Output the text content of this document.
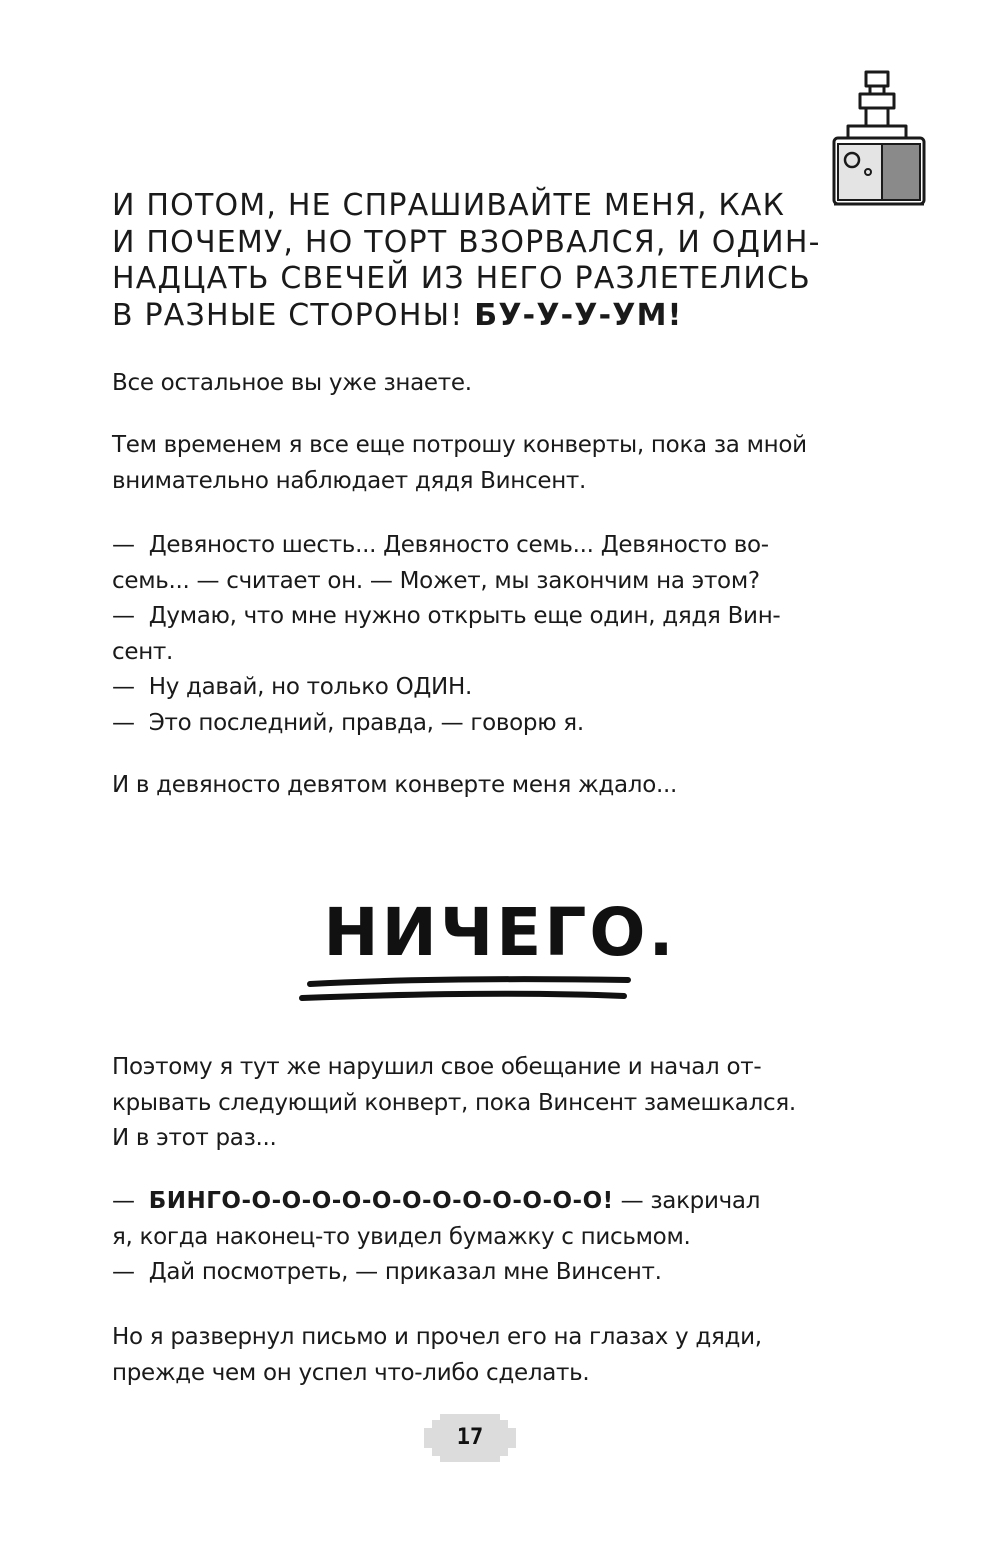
И ПОТОМ, НЕ СПРАШИВАЙТЕ МЕНЯ, КАК
И ПОЧЕМУ, НО ТОРТ ВЗОРВАЛСЯ, И ОДИН-
НАДЦАТЬ СВЕЧЕЙ ИЗ НЕГО РАЗЛЕТЕЛИСЬ
В РАЗНЫЕ СТОРОНЫ! БУ-У-У-УМ!

Все остальное вы уже знаете.

Тем временем я все еще потрошу конверты, пока за мной
внимательно наблюдает дядя Винсент.

—  Девяносто шесть... Девяносто семь... Девяносто во-
семь... — считает он. — Может, мы закончим на этом?
—  Думаю, что мне нужно открыть еще один, дядя Вин-
сент.
—  Ну давай, но только ОДИН.
—  Это последний, правда, — говорю я.

И в девяносто девятом конверте меня ждало...

НИЧЕГО.

Поэтому я тут же нарушил свое обещание и начал от-
крывать следующий конверт, пока Винсент замешкался.
И в этот раз...

—  БИНГО-О-О-О-О-О-О-О-О-О-О-О-О! — закричал
я, когда наконец-то увидел бумажку с письмом.
—  Дай посмотреть, — приказал мне Винсент.

Но я развернул письмо и прочел его на глазах у дяди,
прежде чем он успел что-либо сделать.

17
